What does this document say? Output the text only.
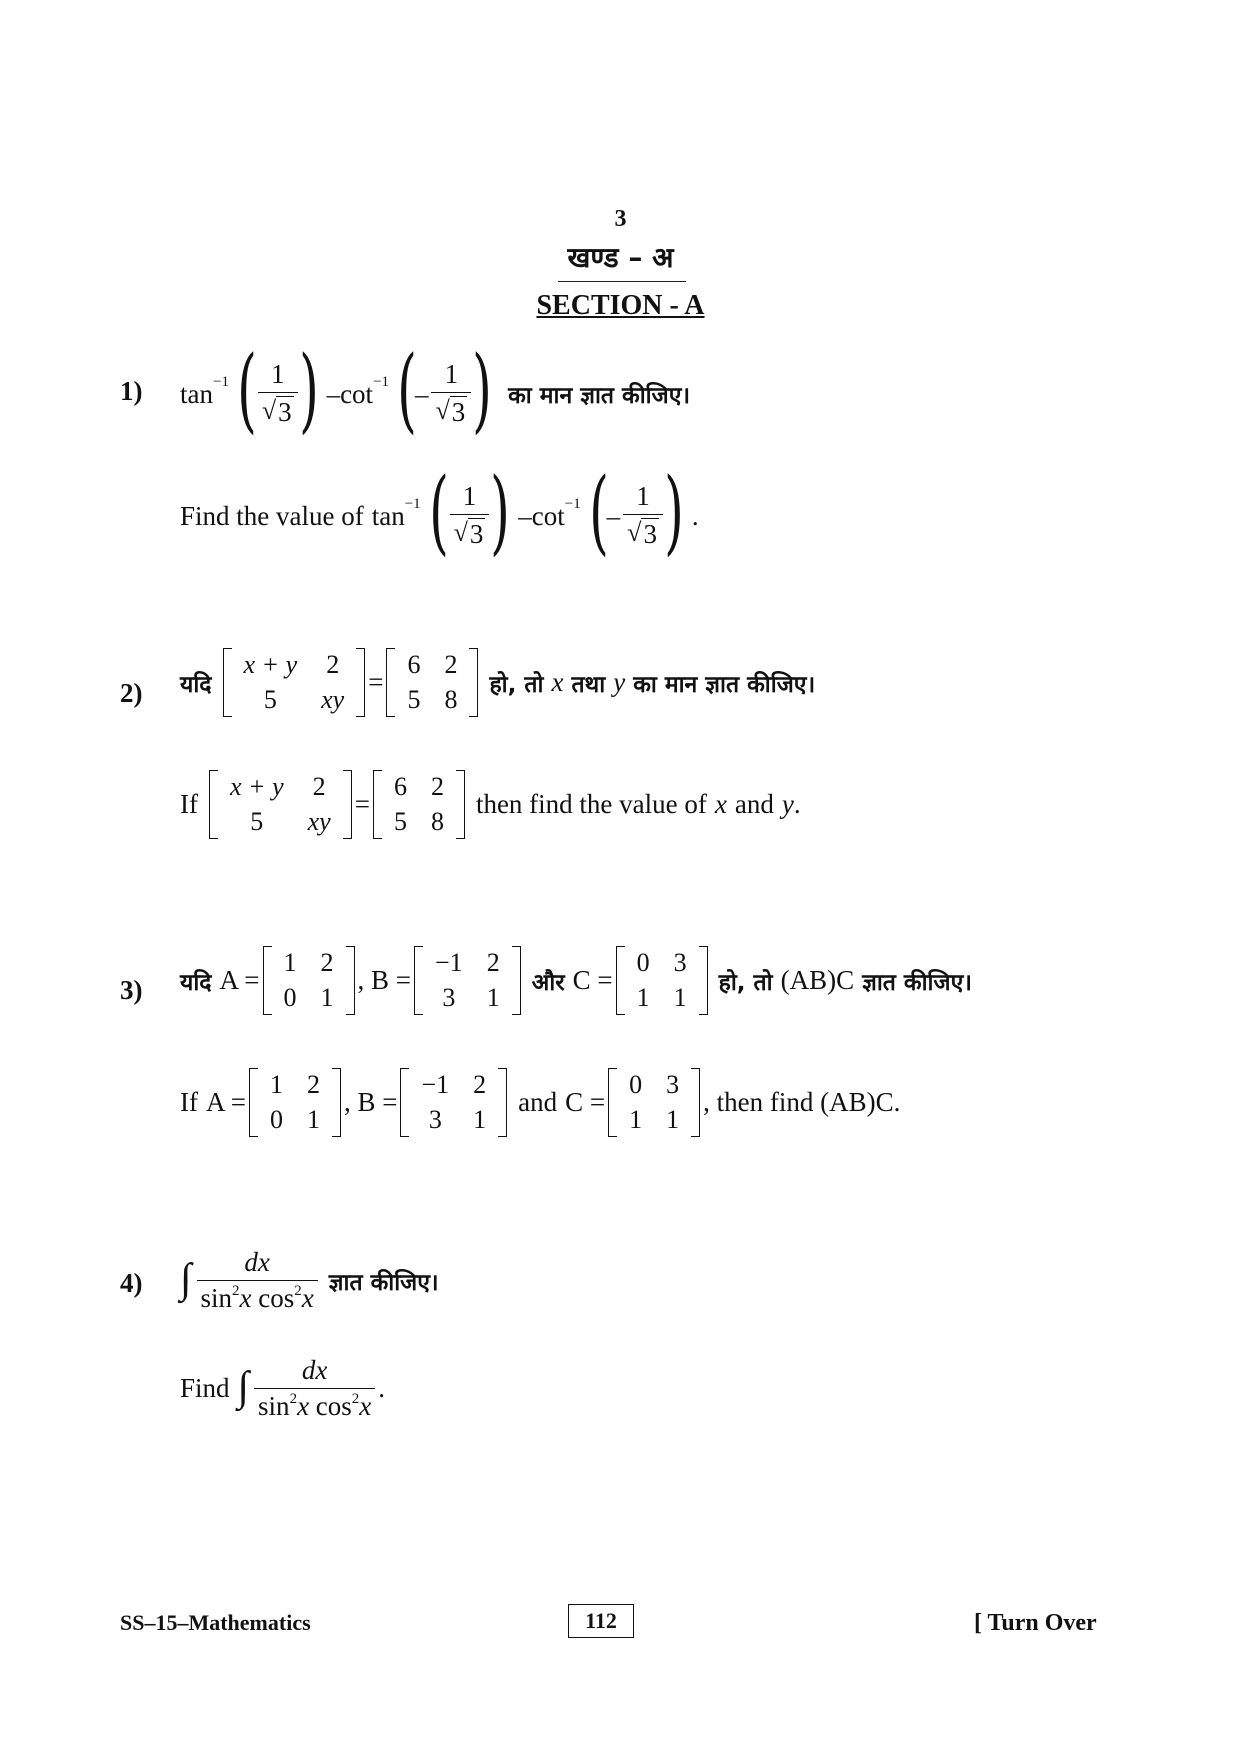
3
खण्ड – अ
SECTION - A
1) tan −1 ( $\frac{1}{√ 3}$ ) – cot −1 (
– $\frac{1}{√ 3}$ ) का मान ज्ञात कीजिए।
Find the value of tan −1 ( $\frac{1}{√ 3}$ ) – cot −1 (
– $\frac{1}{√ 3}$ ) .
2) यदि
x + y	2
5	xy
=
6	2
5	8 हो, तो x तथा y का मान ज्ञात कीजिए।
If
x + y	2
5	xy
=
6	2
5	8
then find the value of x and y .
3) यदि A =
1	2
0	1
, B =
−1	2
3	1 और C =
0	3
1	1 हो, तो (AB)C ज्ञात कीजिए।
If A =
1	2
0	1
, B =
−1	2
3	1
and C =
0	3
1	1
, then find (AB)C.
4) ∫ $\frac{dx}{\sin^2x \cos^2x}$ ज्ञात कीजिए।
Find ∫ $\frac{dx}{\sin^2x \cos^2x}$ .
SS–15–Mathematics	112	[ Turn Over
